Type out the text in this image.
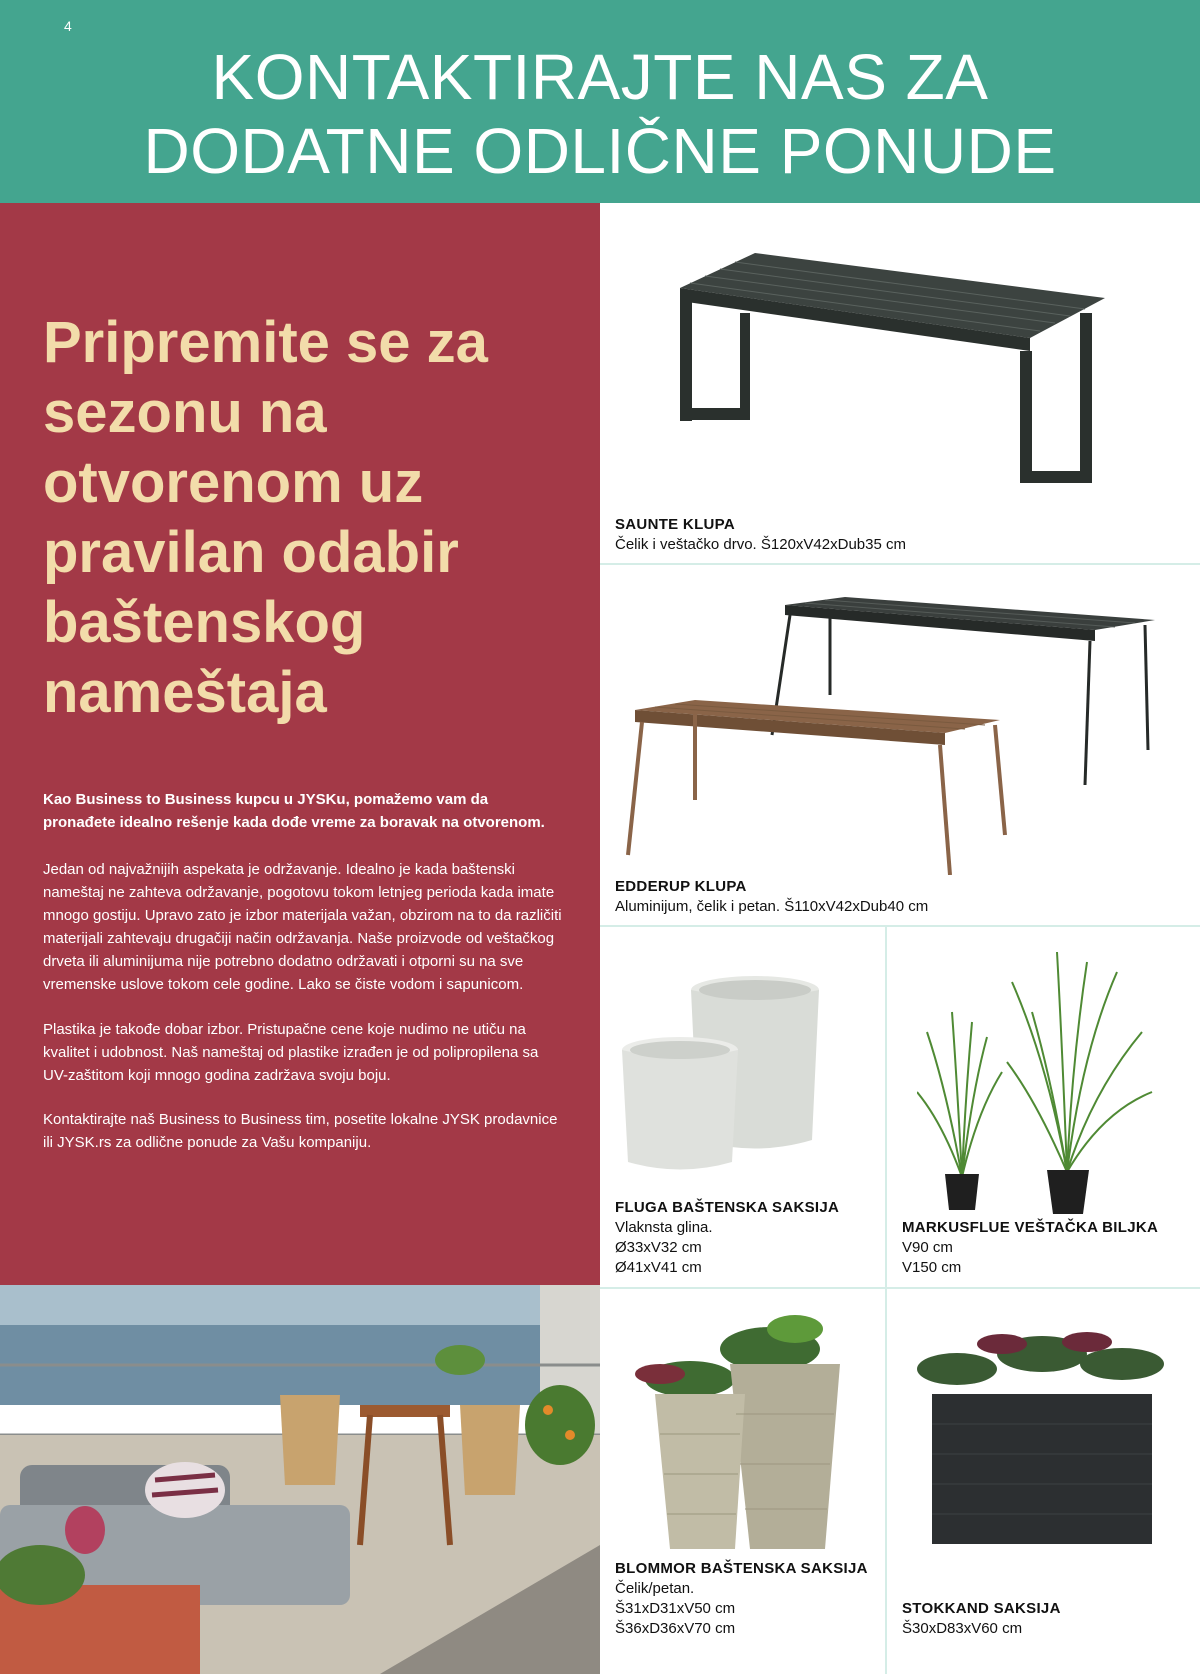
4
KONTAKTIRAJTE NAS ZA
DODATNE ODLIČNE PONUDE
Pripremite se za sezonu na otvorenom uz pravilan odabir baštenskog nameštaja
Kao Business to Business kupcu u JYSKu, pomažemo vam da pronađete idealno rešenje kada dođe vreme za boravak na otvorenom.
Jedan od najvažnijih aspekata je održavanje. Idealno je kada baštenski nameštaj ne zahteva održavanje, pogotovu tokom letnjeg perioda kada imate mnogo gostiju. Upravo zato je izbor materijala važan, obzirom na to da različiti materijali zahtevaju drugačiji način održavanja. Naše proizvode od veštačkog drveta ili aluminijuma nije potrebno dodatno održavati i otporni su na sve vremenske uslove tokom cele godine. Lako se čiste vodom i sapunicom.
Plastika je takođe dobar izbor. Pristupačne cene koje nudimo ne utiču na kvalitet i udobnost. Naš nameštaj od plastike izrađen je od polipropilena sa UV-zaštitom koji mnogo godina zadržava svoju boju.
Kontaktirajte naš Business to Business tim, posetite lokalne JYSK prodavnice ili JYSK.rs za odlične ponude za Vašu kompaniju.
SAUNTE KLUPA
Čelik i veštačko drvo. Š120xV42xDub35 cm
EDDERUP KLUPA
Aluminijum, čelik i petan. Š110xV42xDub40 cm
FLUGA BAŠTENSKA SAKSIJA
Vlaknsta glina.
Ø33xV32 cm
Ø41xV41 cm
MARKUSFLUE VEŠTAČKA BILJKA
V90 cm
V150 cm
BLOMMOR BAŠTENSKA SAKSIJA
Čelik/petan.
Š31xD31xV50 cm
Š36xD36xV70 cm
STOKKAND SAKSIJA
Š30xD83xV60 cm
